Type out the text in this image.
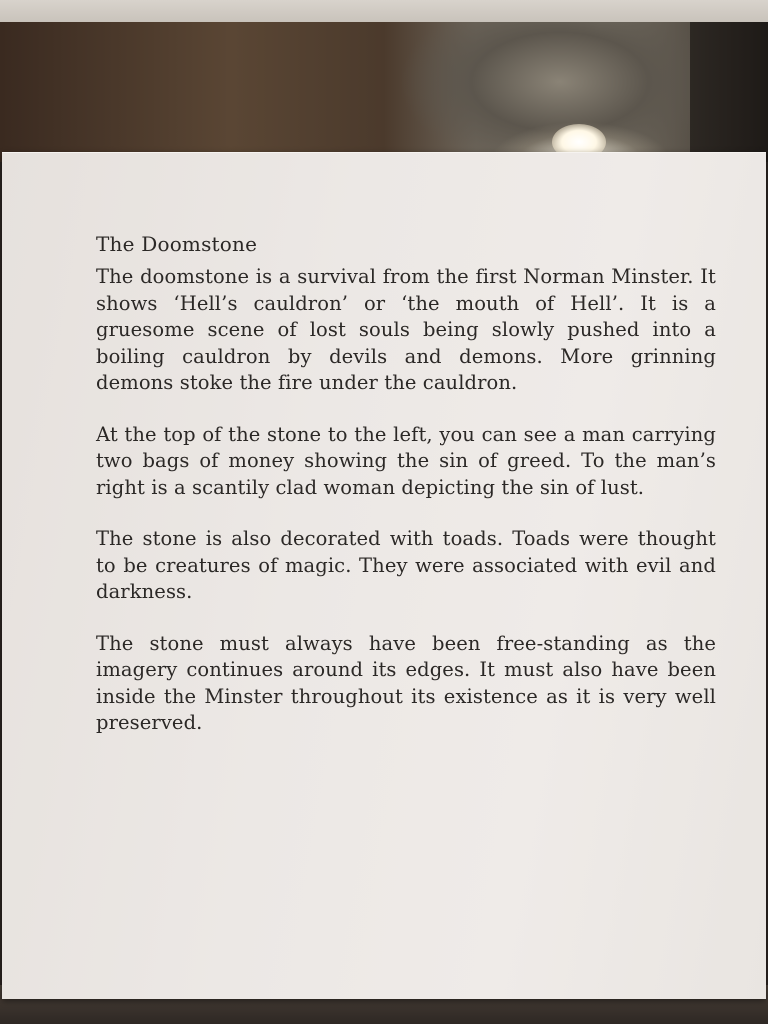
The Doomstone

The doomstone is a survival from the first Norman Minster. It shows ‘Hell’s cauldron’ or ‘the mouth of Hell’. It is a gruesome scene of lost souls being slowly pushed into a boiling cauldron by devils and demons. More grinning demons stoke the fire under the cauldron.

At the top of the stone to the left, you can see a man carrying two bags of money showing the sin of greed. To the man’s right is a scantily clad woman depicting the sin of lust.

The stone is also decorated with toads. Toads were thought to be creatures of magic. They were associated with evil and darkness.

The stone must always have been free-standing as the imagery continues around its edges. It must also have been inside the Minster throughout its existence as it is very well preserved.
